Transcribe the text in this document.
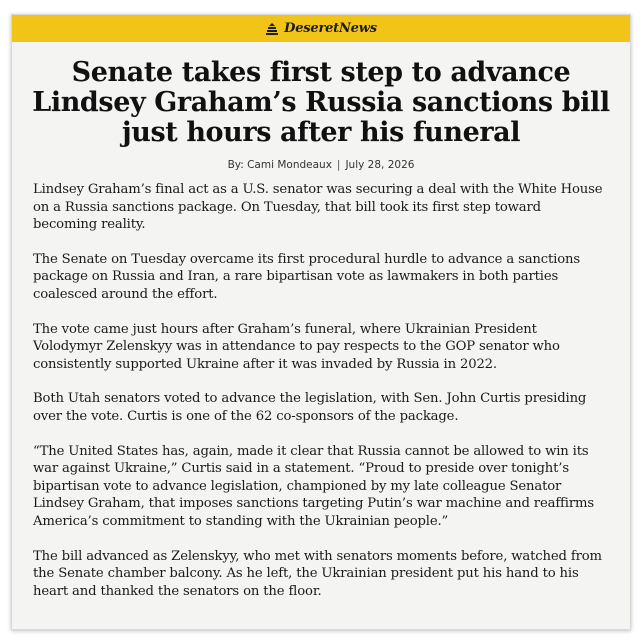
DeseretNews
Senate takes first step to advance Lindsey Graham’s Russia sanctions bill just hours after his funeral
By: Cami Mondeaux | July 28, 2026

Lindsey Graham’s final act as a U.S. senator was securing a deal with the White House on a Russia sanctions package. On Tuesday, that bill took its first step toward becoming reality.

The Senate on Tuesday overcame its first procedural hurdle to advance a sanctions package on Russia and Iran, a rare bipartisan vote as lawmakers in both parties coalesced around the effort.

The vote came just hours after Graham’s funeral, where Ukrainian President Volodymyr Zelenskyy was in attendance to pay respects to the GOP senator who consistently supported Ukraine after it was invaded by Russia in 2022.

Both Utah senators voted to advance the legislation, with Sen. John Curtis presiding over the vote. Curtis is one of the 62 co-sponsors of the package.

“The United States has, again, made it clear that Russia cannot be allowed to win its war against Ukraine,” Curtis said in a statement. “Proud to preside over tonight’s bipartisan vote to advance legislation, championed by my late colleague Senator Lindsey Graham, that imposes sanctions targeting Putin’s war machine and reaffirms America’s commitment to standing with the Ukrainian people.”

The bill advanced as Zelenskyy, who met with senators moments before, watched from the Senate chamber balcony. As he left, the Ukrainian president put his hand to his heart and thanked the senators on the floor.
